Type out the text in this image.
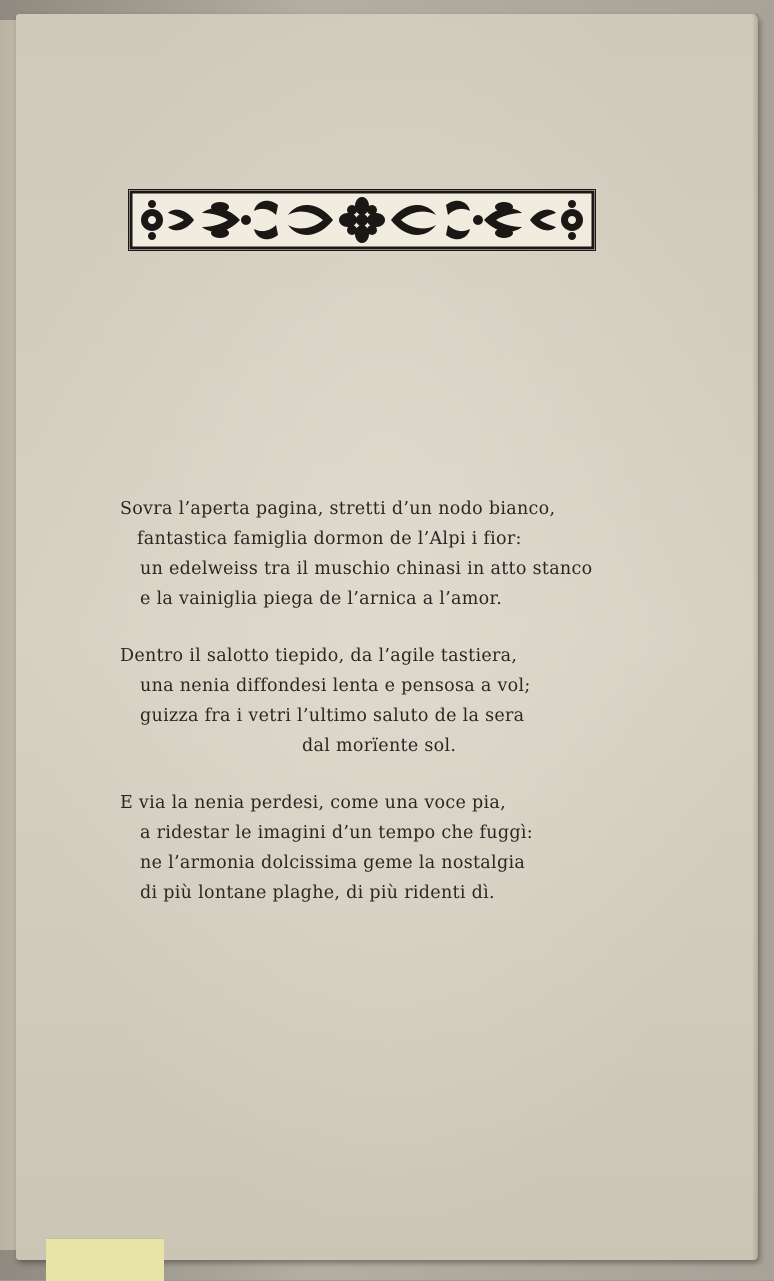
Sovra l’aperta pagina, stretti d’un nodo bianco,
fantastica famiglia dormon de l’Alpi i fior:
un edelweiss tra il muschio chinasi in atto stanco
e la vainiglia piega de l’arnica a l’amor.
Dentro il salotto tiepido, da l’agile tastiera,
una nenia diffondesi lenta e pensosa a vol;
guizza fra i vetri l’ultimo saluto de la sera
dal morïente sol.
E via la nenia perdesi, come una voce pia,
a ridestar le imagini d’un tempo che fuggì:
ne l’armonia dolcissima geme la nostalgia
di più lontane plaghe, di più ridenti dì.
